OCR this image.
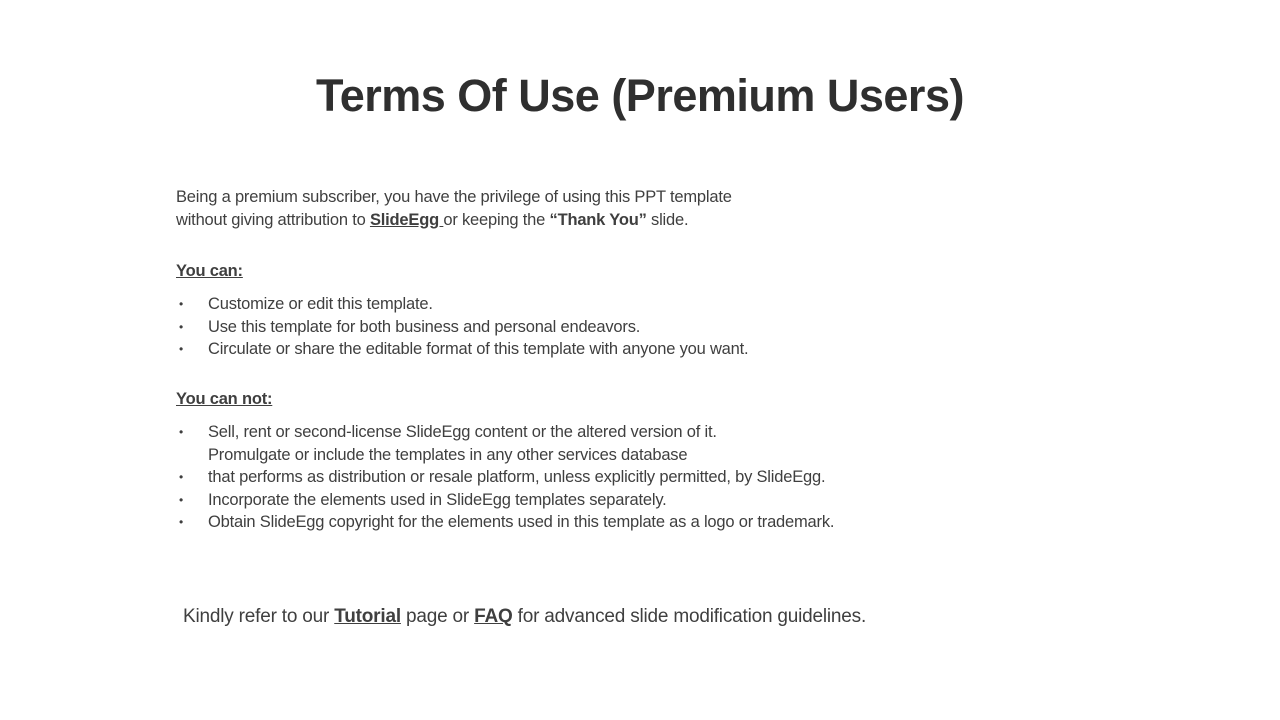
Terms Of Use (Premium Users)
Being a premium subscriber, you have the privilege of using this PPT template
without giving attribution to SlideEgg or keeping the “Thank You” slide.
You can:
•	Customize or edit this template.
•	Use this template for both business and personal endeavors.
•	Circulate or share the editable format of this template with anyone you want.
You can not:
•	Sell, rent or second-license SlideEgg content or the altered version of it.
Promulgate or include the templates in any other services database
•	that performs as distribution or resale platform, unless explicitly permitted, by SlideEgg.
•	Incorporate the elements used in SlideEgg templates separately.
•	Obtain SlideEgg copyright for the elements used in this template as a logo or trademark.
Kindly refer to our Tutorial page or FAQ for advanced slide modification guidelines.
